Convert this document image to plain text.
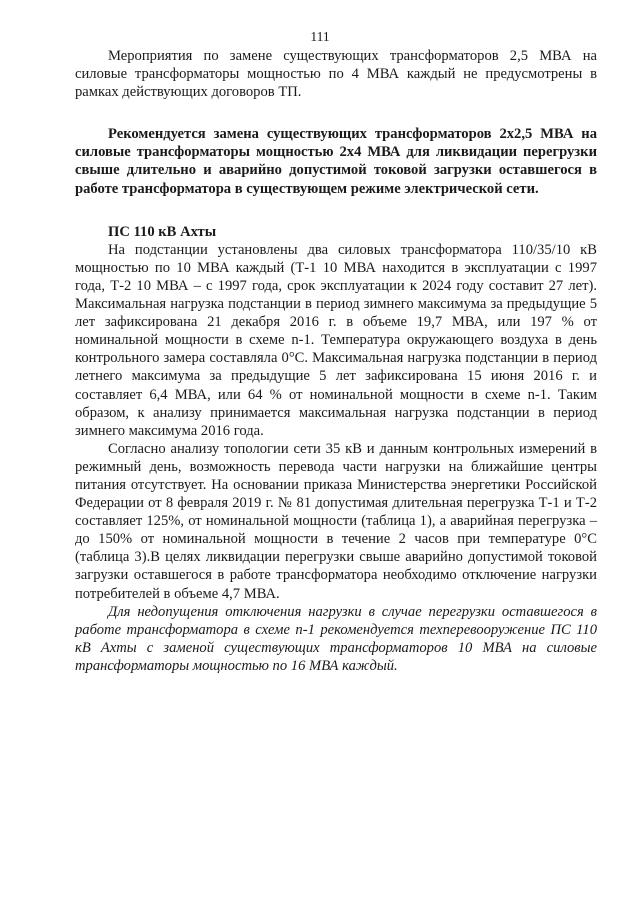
111

Мероприятия по замене существующих трансформаторов 2,5 МВА на силовые трансформаторы мощностью по 4 МВА каждый не предусмотрены в рамках действующих договоров ТП.

Рекомендуется замена существующих трансформаторов 2х2,5 МВА на силовые трансформаторы мощностью 2х4 МВА для ликвидации перегрузки свыше длительно и аварийно допустимой токовой загрузки оставшегося в работе трансформатора в существующем режиме электрической сети.

ПС 110 кВ Ахты

На подстанции установлены два силовых трансформатора 110/35/10 кВ мощностью по 10 МВА каждый (Т-1 10 МВА находится в эксплуатации с 1997 года, Т-2 10 МВА – с 1997 года, срок эксплуатации к 2024 году составит 27 лет). Максимальная нагрузка подстанции в период зимнего максимума за предыдущие 5 лет зафиксирована 21 декабря 2016 г. в объеме 19,7 МВА, или 197 % от номинальной мощности в схеме n-1. Температура окружающего воздуха в день контрольного замера составляла 0°С. Максимальная нагрузка подстанции в период летнего максимума за предыдущие 5 лет зафиксирована 15 июня 2016 г. и составляет 6,4 МВА, или 64 % от номинальной мощности в схеме n-1. Таким образом, к анализу принимается максимальная нагрузка подстанции в период зимнего максимума 2016 года.

Согласно анализу топологии сети 35 кВ и данным контрольных измерений в режимный день, возможность перевода части нагрузки на ближайшие центры питания отсутствует. На основании приказа Министерства энергетики Российской Федерации от 8 февраля 2019 г. № 81 допустимая длительная перегрузка Т-1 и Т-2 составляет 125%, от номинальной мощности (таблица 1), а аварийная перегрузка – до 150% от номинальной мощности в течение 2 часов при температуре 0°С (таблица 3).В целях ликвидации перегрузки свыше аварийно допустимой токовой загрузки оставшегося в работе трансформатора необходимо отключение нагрузки потребителей в объеме 4,7 МВА.

Для недопущения отключения нагрузки в случае перегрузки оставшегося в работе трансформатора в схеме n-1 рекомендуется техперевооружение ПС 110 кВ Ахты с заменой существующих трансформаторов 10 МВА на силовые трансформаторы мощностью по 16 МВА каждый.
